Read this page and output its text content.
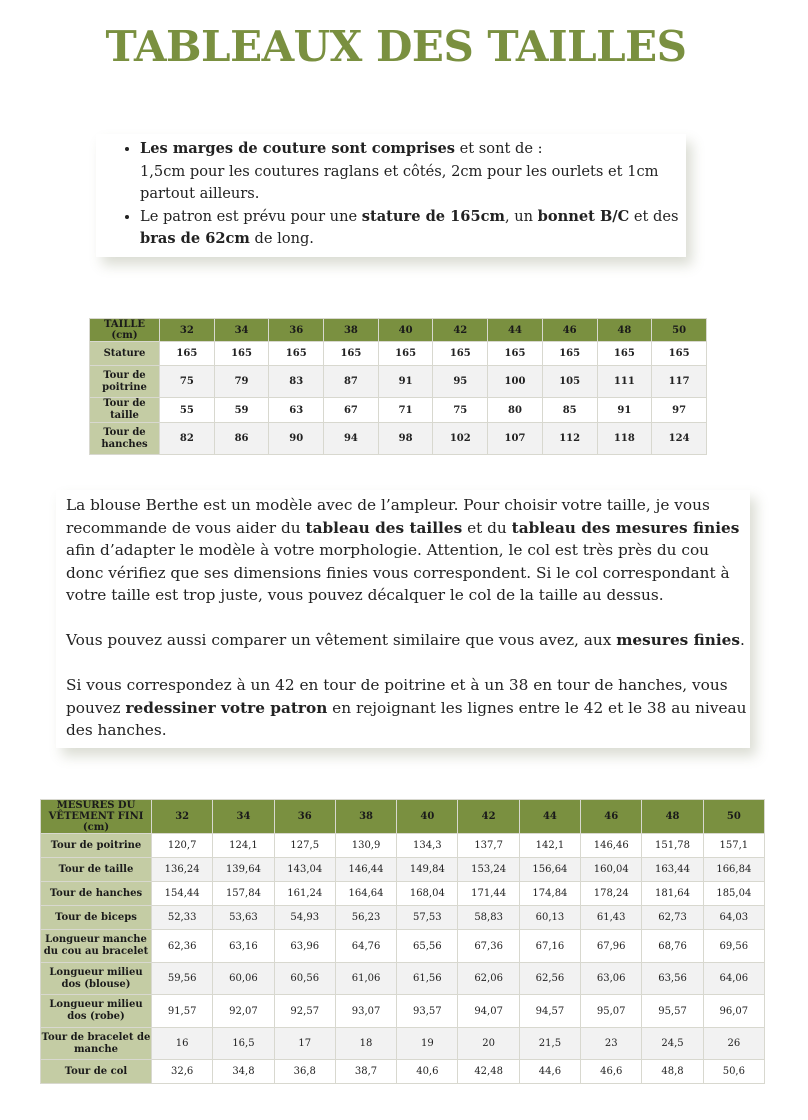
TABLEAUX DES TAILLES
• Les marges de couture sont comprises et sont de :
1,5cm pour les coutures raglans et côtés, 2cm pour les ourlets et 1cm partout ailleurs.
• Le patron est prévu pour une stature de 165cm, un bonnet B/C et des bras de 62cm de long.
TAILLE (cm)	32	34	36	38	40	42	44	46	48	50
Stature	165	165	165	165	165	165	165	165	165	165
Tour de poitrine	75	79	83	87	91	95	100	105	111	117
Tour de taille	55	59	63	67	71	75	80	85	91	97
Tour de hanches	82	86	90	94	98	102	107	112	118	124

La blouse Berthe est un modèle avec de l’ampleur. Pour choisir votre taille, je vous recommande de vous aider du tableau des tailles et du tableau des mesures finies afin d’adapter le modèle à votre morphologie. Attention, le col est très près du cou donc vérifiez que ses dimensions finies vous correspondent. Si le col correspondant à votre taille est trop juste, vous pouvez décalquer le col de la taille au dessus.

Vous pouvez aussi comparer un vêtement similaire que vous avez, aux mesures finies.

Si vous correspondez à un 42 en tour de poitrine et à un 38 en tour de hanches, vous pouvez redessiner votre patron en rejoignant les lignes entre le 42 et le 38 au niveau des hanches.

MESURES DU VÊTEMENT FINI (cm)	32	34	36	38	40	42	44	46	48	50
Tour de poitrine	120,7	124,1	127,5	130,9	134,3	137,7	142,1	146,46	151,78	157,1
Tour de taille	136,24	139,64	143,04	146,44	149,84	153,24	156,64	160,04	163,44	166,84
Tour de hanches	154,44	157,84	161,24	164,64	168,04	171,44	174,84	178,24	181,64	185,04
Tour de biceps	52,33	53,63	54,93	56,23	57,53	58,83	60,13	61,43	62,73	64,03
Longueur manche du cou au bracelet	62,36	63,16	63,96	64,76	65,56	67,36	67,16	67,96	68,76	69,56
Longueur milieu dos (blouse)	59,56	60,06	60,56	61,06	61,56	62,06	62,56	63,06	63,56	64,06
Longueur milieu dos (robe)	91,57	92,07	92,57	93,07	93,57	94,07	94,57	95,07	95,57	96,07
Tour de bracelet de manche	16	16,5	17	18	19	20	21,5	23	24,5	26
Tour de col	32,6	34,8	36,8	38,7	40,6	42,48	44,6	46,6	48,8	50,6
